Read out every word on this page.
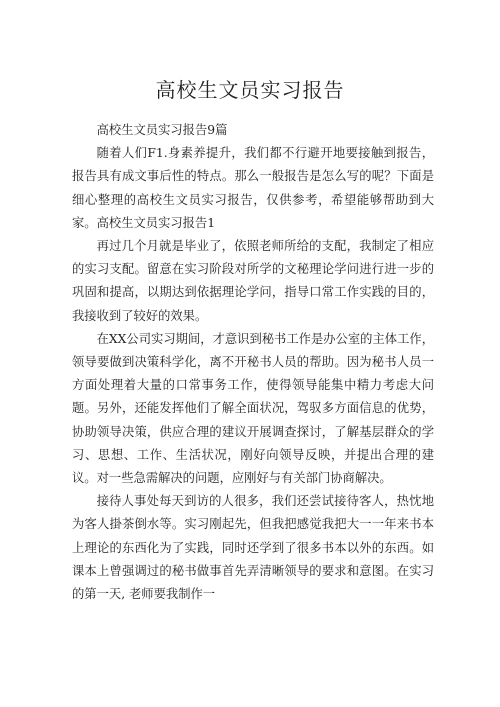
高校生文员实习报告

高校生文员实习报告9篇

随着人们F1.身素养提升，我们都不行避开地要接触到报告，报告具有成文事后性的特点。那么一般报告是怎么写的呢？下面是细心整理的高校生文员实习报告，仅供参考，希望能够帮助到大家。高校生文员实习报告1

再过几个月就是毕业了，依照老师所给的支配，我制定了相应的实习支配。留意在实习阶段对所学的文秘理论学问进行进一步的巩固和提高，以期达到依据理论学问，指导口常工作实践的目的，我接收到了较好的效果。

在XX公司实习期间，才意识到秘书工作是办公室的主体工作，领导要做到决策科学化，离不开秘书人员的帮助。因为秘书人员一方面处理着大量的口常事务工作，使得领导能集中精力考虑大问题。另外，还能发挥他们了解全面状况，驾驭多方面信息的优势，协助领导决策，供应合理的建议开展调查探讨，了解基层群众的学习、思想、工作、生活状况，刚好向领导反映，并提出合理的建议。对一些急需解决的问题，应刚好与有关部门协商解决。

接待人事处每天到访的人很多，我们还尝试接待客人，热忱地为客人掛茶倒水等。实习刚起先，但我把感觉我把大一一年来书本上理论的东西化为了实践，同时还学到了很多书本以外的东西。如课本上曾强调过的秘书做事首先弄清晰领导的要求和意图。在实习的第一天, 老师要我制作一
